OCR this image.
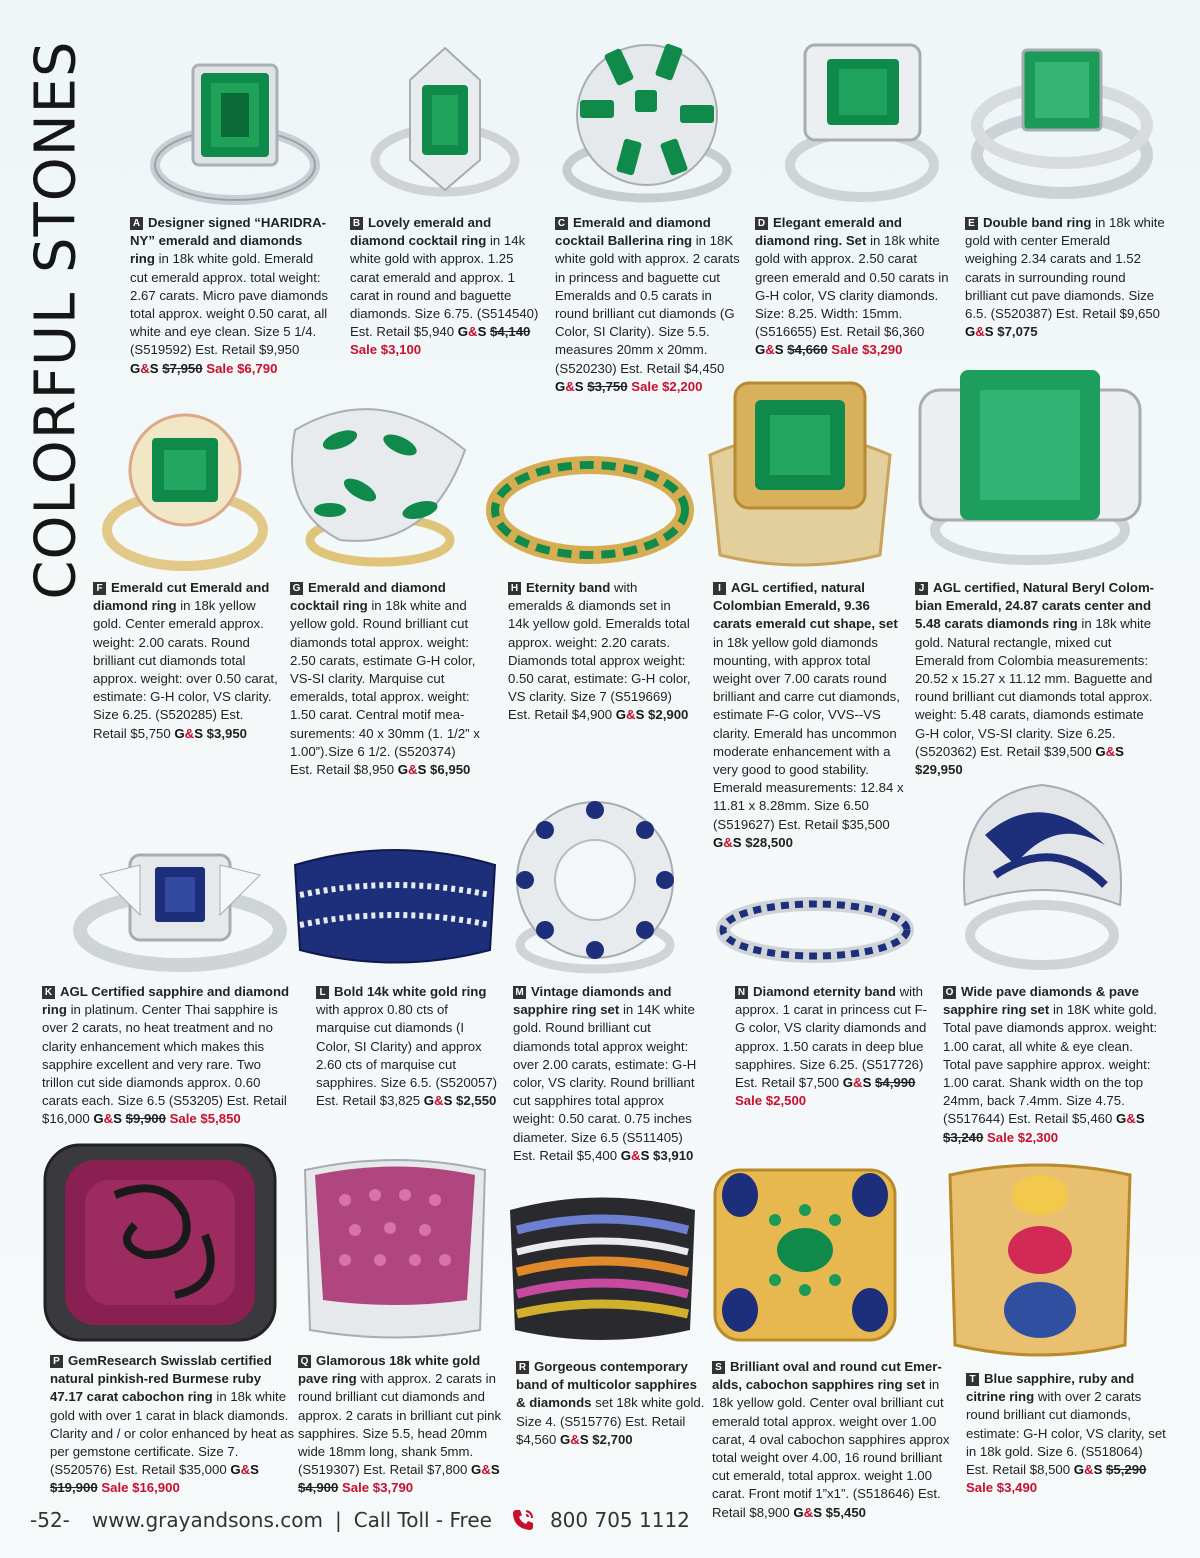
COLORFUL STONES	A Designer signed “HARIDRA-NY” emerald and diamonds ring in 18k white gold. Emerald cut emerald approx. total weight: 2.67 carats. Micro pave diamonds total approx. weight 0.50 carat, all white and eye clean. Size 5 1/4. (S519592) Est. Retail $9,950 G&S $7,950 Sale $6,790
B Lovely emerald and diamond cocktail ring in 14k white gold with approx. 1.25 carat emerald and approx. 1 carat in round and baguette diamonds. Size 6.75. (S514540) Est. Retail $5,940 G&S $4,140 Sale $3,100
C Emerald and diamond cocktail Ballerina ring in 18K white gold with approx. 2 carats in princess and baguette cut Emeralds and 0.5 carats in round brilliant cut diamonds (G Color, SI Clarity). Size 5.5. measures 20mm x 20mm. (S520230) Est. Retail $4,450 G&S $3,750 Sale $2,200
D Elegant emerald and diamond ring. Set in 18k white gold with approx. 2.50 carat green emerald and 0.50 carats in G-H color, VS clarity diamonds. Size: 8.25. Width: 15mm. (S516655) Est. Retail $6,360 G&S $4,660 Sale $3,290
E Double band ring in 18k white gold with center Emerald weighing 2.34 carats and 1.52 carats in surrounding round brilliant cut pave diamonds. Size 6.5. (S520387) Est. Retail $9,650 G&S $7,075
F Emerald cut Emerald and diamond ring in 18k yellow gold. Center emerald approx. weight: 2.00 carats. Round brilliant cut diamonds total approx. weight: over 0.50 carat, estimate: G-H color, VS clarity. Size 6.25. (S520285) Est. Retail $5,750 G&S $3,950
G Emerald and diamond cocktail ring in 18k white and yellow gold. Round brilliant cut diamonds total approx. weight: 2.50 carats, estimate G-H color, VS-SI clarity. Marquise cut emeralds, total approx. weight: 1.50 carat. Central motif mea-surements: 40 x 30mm (1. 1/2” x 1.00”).Size 6 1/2. (S520374) Est. Retail $8,950 G&S $6,950
H Eternity band with emeralds & diamonds set in 14k yellow gold. Emeralds total approx. weight: 2.20 carats. Diamonds total approx weight: 0.50 carat, estimate: G-H color, VS clarity. Size 7 (S519669) Est. Retail $4,900 G&S $2,900
I AGL certified, natural Colombian Emerald, 9.36 carats emerald cut shape, set in 18k yellow gold diamonds mounting, with approx total weight over 7.00 carats round brilliant and carre cut diamonds, estimate F-G color, VVS--VS clarity. Emerald has uncommon moderate enhancement with a very good to good stability. Emerald measurements: 12.84 x 11.81 x 8.28mm. Size 6.50 (S519627) Est. Retail $35,500 G&S $28,500
J AGL certified, Natural Beryl Colom-bian Emerald, 24.87 carats center and 5.48 carats diamonds ring in 18k white gold. Natural rectangle, mixed cut Emerald from Colombia measurements: 20.52 x 15.27 x 11.12 mm. Baguette and round brilliant cut diamonds total approx. weight: 5.48 carats, diamonds estimate G-H color, VS-SI clarity. Size 6.25. (S520362) Est. Retail $39,500 G&S $29,950
K AGL Certified sapphire and diamond ring in platinum. Center Thai sapphire is over 2 carats, no heat treatment and no clarity enhancement which makes this sapphire excellent and very rare. Two trillon cut side diamonds approx. 0.60 carats each. Size 6.5 (S53205) Est. Retail $16,000 G&S $9,900 Sale $5,850
L Bold 14k white gold ring with approx 0.80 cts of marquise cut diamonds (I Color, SI Clarity) and approx 2.60 cts of marquise cut sapphires. Size 6.5. (S520057) Est. Retail $3,825 G&S $2,550
M Vintage diamonds and sapphire ring set in 14K white gold. Round brilliant cut diamonds total approx weight: over 2.00 carats, estimate: G-H color, VS clarity. Round brilliant cut sapphires total approx weight: 0.50 carat. 0.75 inches diameter. Size 6.5 (S511405) Est. Retail $5,400 G&S $3,910
N Diamond eternity band with approx. 1 carat in princess cut F-G color, VS clarity diamonds and approx. 1.50 carats in deep blue sapphires. Size 6.25. (S517726) Est. Retail $7,500 G&S $4,990 Sale $2,500
O Wide pave diamonds & pave sapphire ring set in 18K white gold. Total pave diamonds approx. weight: 1.00 carat, all white & eye clean. Total pave sapphire approx. weight: 1.00 carat. Shank width on the top 24mm, back 7.4mm. Size 4.75. (S517644) Est. Retail $5,460 G&S $3,240 Sale $2,300
P GemResearch Swisslab certified natural pinkish-red Burmese ruby 47.17 carat cabochon ring in 18k white gold with over 1 carat in black diamonds. Clarity and / or color enhanced by heat as per gemstone certificate. Size 7. (S520576) Est. Retail $35,000 G&S $19,900 Sale $16,900
Q Glamorous 18k white gold pave ring with approx. 2 carats in round brilliant cut diamonds and approx. 2 carats in brilliant cut pink sapphires. Size 5.5, head 20mm wide 18mm long, shank 5mm. (S519307) Est. Retail $7,800 G&S $4,900 Sale $3,790
R Gorgeous contemporary band of multicolor sapphires & diamonds set 18k white gold. Size 4. (S515776) Est. Retail $4,560 G&S $2,700
S Brilliant oval and round cut Emer-alds, cabochon sapphires ring set in 18k yellow gold. Center oval brilliant cut emerald total approx. weight over 1.00 carat, 4 oval cabochon sapphires approx total weight over 4.00, 16 round brilliant cut emerald, total approx. weight 1.00 carat. Front motif 1”x1”. (S518646) Est. Retail $8,900 G&S $5,450
T Blue sapphire, ruby and citrine ring with over 2 carats round brilliant cut diamonds, estimate: G-H color, VS clarity, set in 18k gold. Size 6. (S518064) Est. Retail $8,500 G&S $5,290 Sale $3,490
-52- www.grayandsons.com | Call Toll - Free	800 705 1112
